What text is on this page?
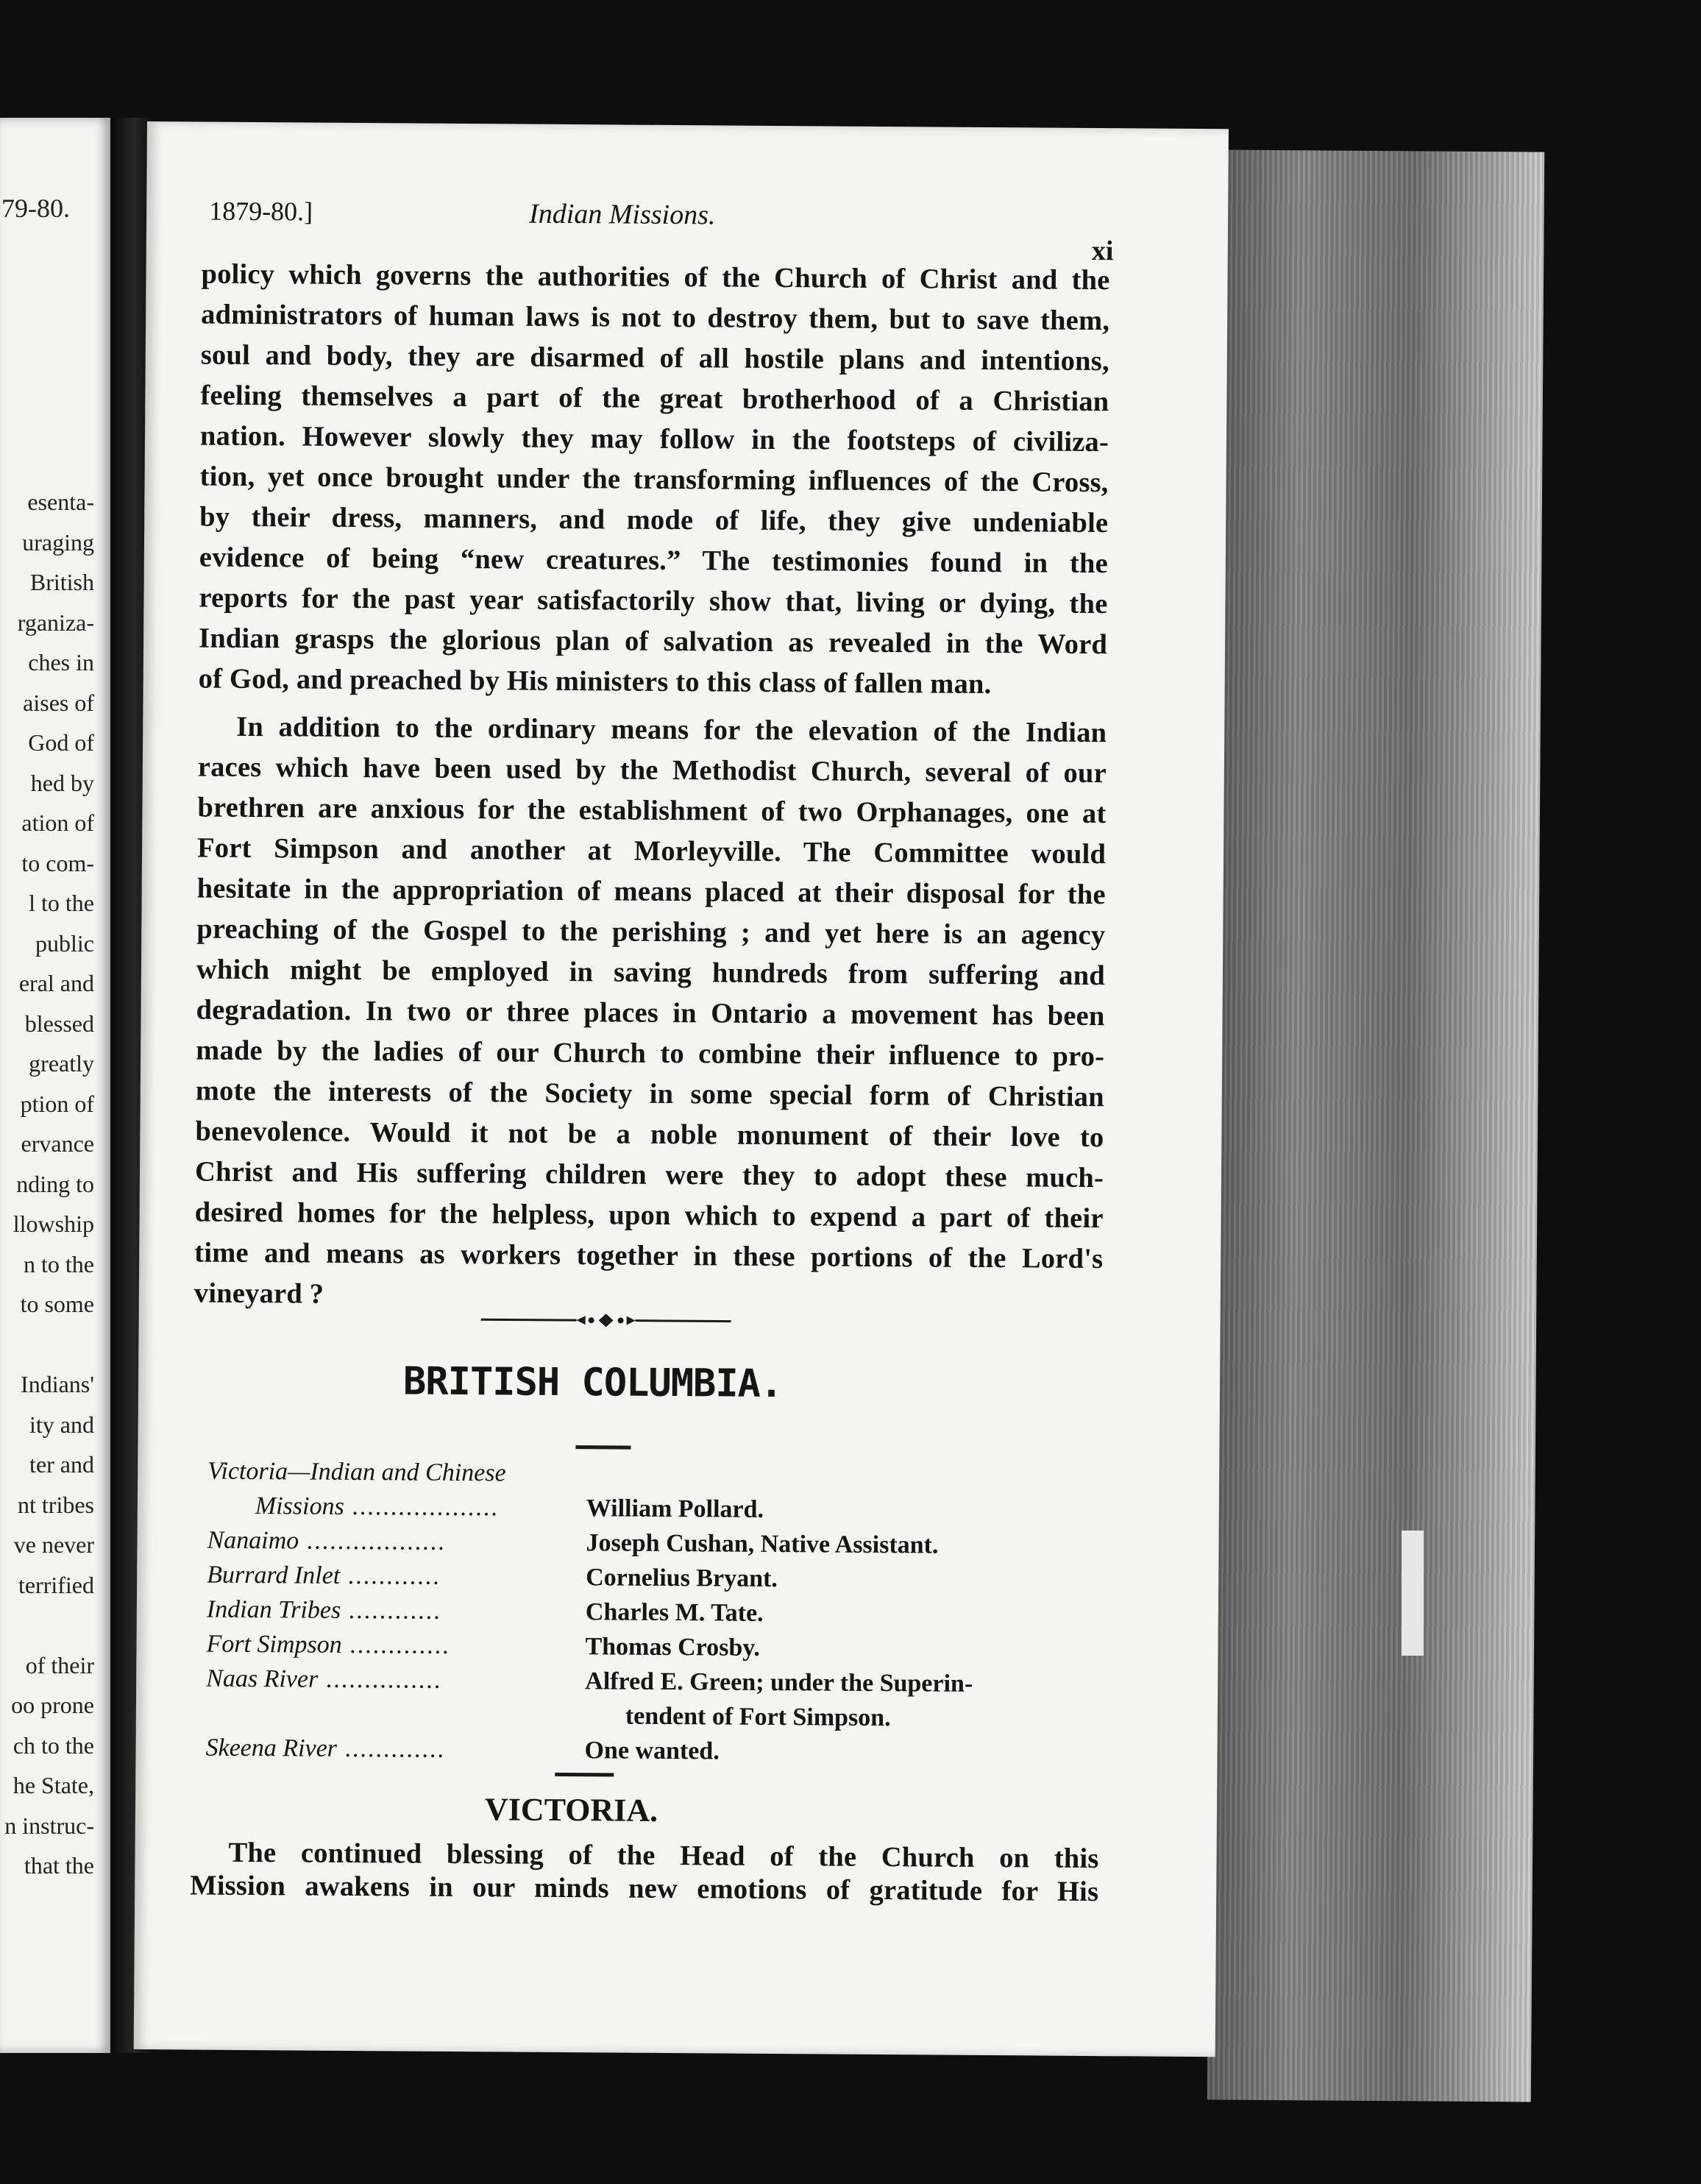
79-80.
esenta-
uraging
British
rganiza-
ches in
aises of
God of
hed by
ation of
to com-
l to the
public
eral and
blessed
greatly
ption of
ervance
nding to
llowship
n to the
to some
Indians'
ity and
ter and
nt tribes
ve never
terrified
of their
oo prone
ch to the
he State,
n instruc-
that the
1879-80.]	Indian Missions.
xi
policy which governs the authorities of the Church of Christ and the
administrators of human laws is not to destroy them, but to save them,
soul and body, they are disarmed of all hostile plans and intentions,
feeling themselves a part of the great brotherhood of a Christian
nation. However slowly they may follow in the footsteps of civiliza-
tion, yet once brought under the transforming influences of the Cross,
by their dress, manners, and mode of life, they give undeniable
evidence of being “new creatures.” The testimonies found in the
reports for the past year satisfactorily show that, living or dying, the
Indian grasps the glorious plan of salvation as revealed in the Word
of God, and preached by His ministers to this class of fallen man.
In addition to the ordinary means for the elevation of the Indian
races which have been used by the Methodist Church, several of our
brethren are anxious for the establishment of two Orphanages, one at
Fort Simpson and another at Morleyville. The Committee would
hesitate in the appropriation of means placed at their disposal for the
preaching of the Gospel to the perishing ; and yet here is an agency
which might be employed in saving hundreds from suffering and
degradation. In two or three places in Ontario a movement has been
made by the ladies of our Church to combine their influence to pro-
mote the interests of the Society in some special form of Christian
benevolence. Would it not be a noble monument of their love to
Christ and His suffering children were they to adopt these much-
desired homes for the helpless, upon which to expend a part of their
time and means as workers together in these portions of the Lord's
vineyard ?
BRITISH COLUMBIA.
Victoria—Indian and Chinese
Missions ...................	William Pollard.
Nanaimo ..................	Joseph Cushan, Native Assistant.
Burrard Inlet ............	Cornelius Bryant.
Indian Tribes ............	Charles M. Tate.
Fort Simpson .............	Thomas Crosby.
Naas River ...............	Alfred E. Green; under the Superin-
tendent of Fort Simpson.
Skeena River .............	One wanted.
VICTORIA.
The continued blessing of the Head of the Church on this
Mission awakens in our minds new emotions of gratitude for His
